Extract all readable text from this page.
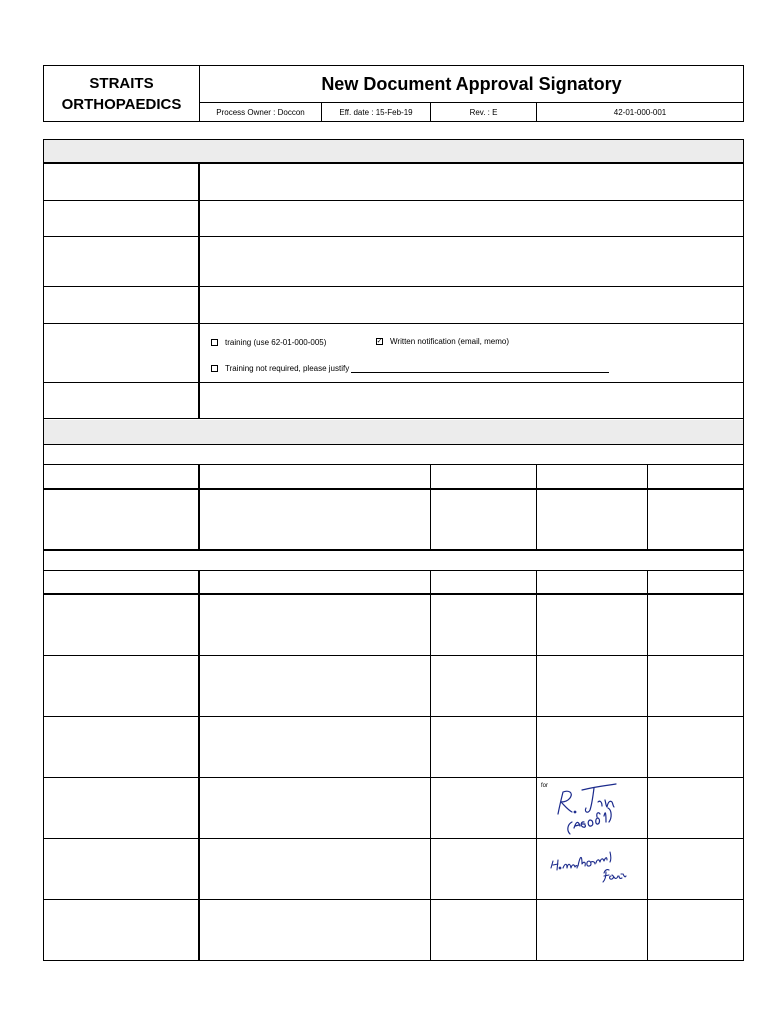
STRAITS
ORTHOPAEDICS
New Document Approval Signatory
Process Owner : Doccon	Eff. date : 15-Feb-19	Rev. : E	42-01-000-001
training (use 62-01-000-005)	✓ Written notification (email, memo)
Training not required, please justify
for
